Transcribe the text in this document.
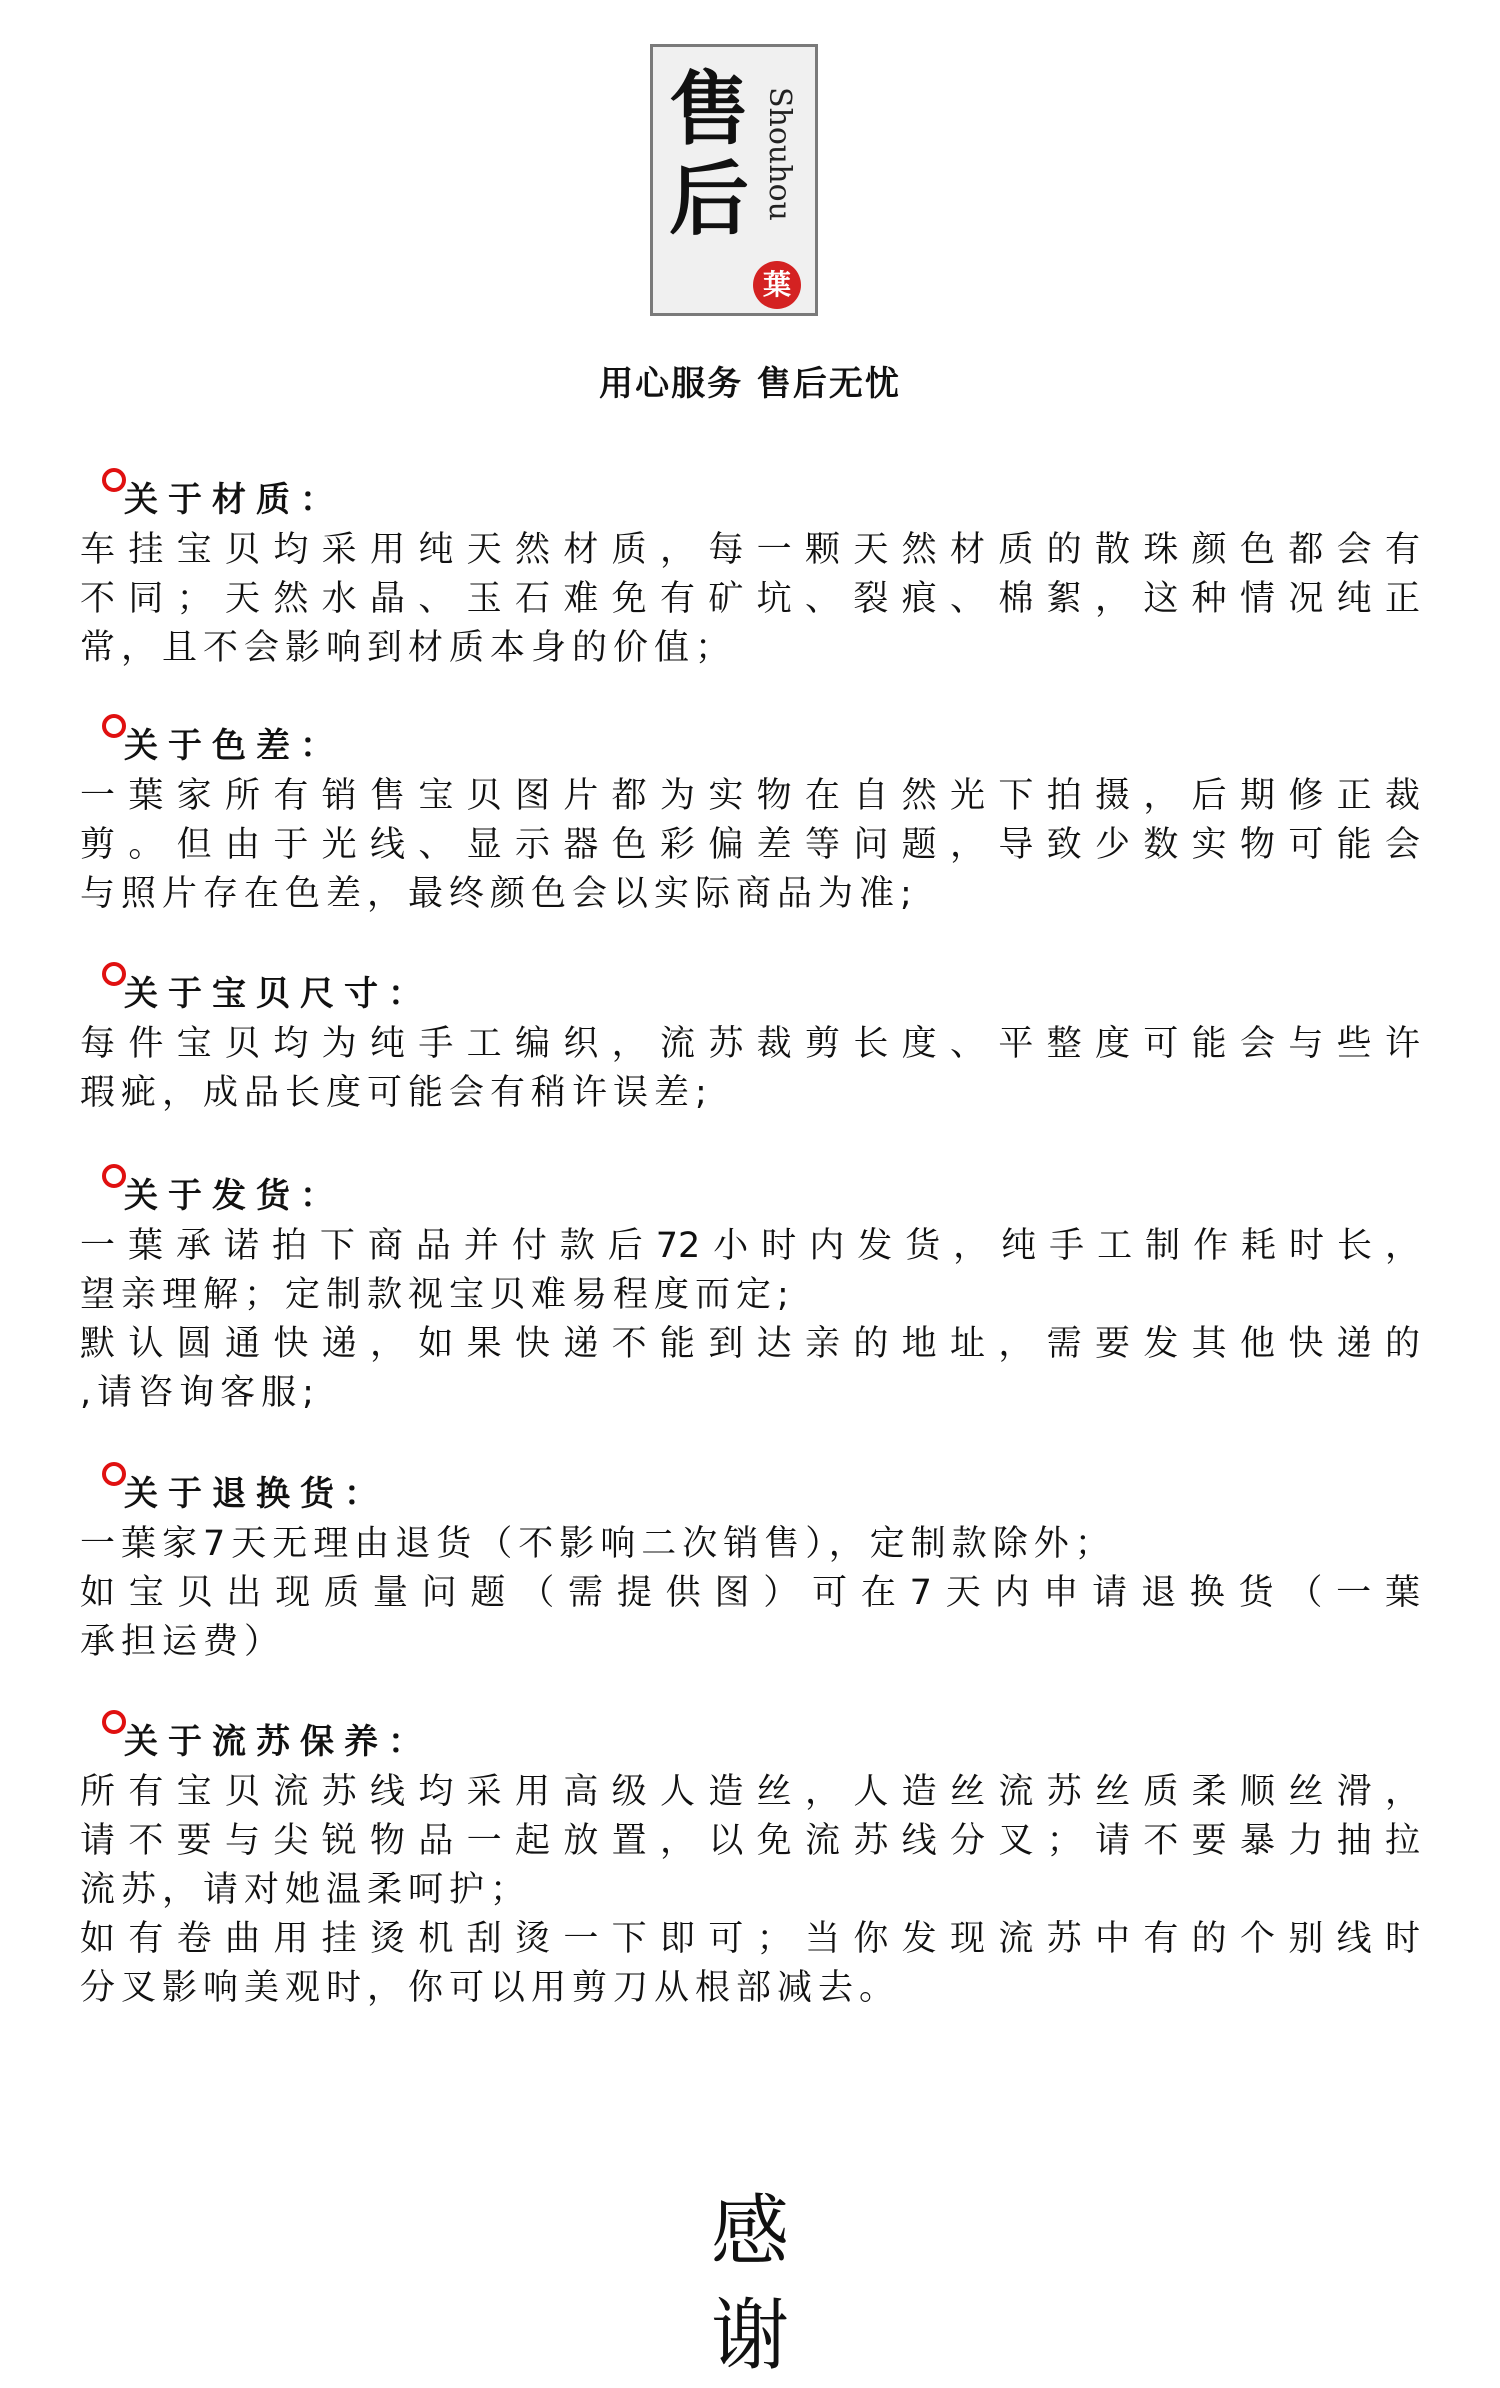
售
后 Shouhou
葉
用心服务 售后无忧
关于材质：
车挂宝贝均采用纯天然材质，每一颗天然材质的散珠颜色都会有
不同；天然水晶、玉石难免有矿坑、裂痕、棉絮，这种情况纯正
常，且不会影响到材质本身的价值；
关于色差：
一葉家所有销售宝贝图片都为实物在自然光下拍摄，后期修正裁
剪。但由于光线、显示器色彩偏差等问题，导致少数实物可能会
与照片存在色差，最终颜色会以实际商品为准;
关于宝贝尺寸：
每件宝贝均为纯手工编织，流苏裁剪长度、平整度可能会与些许
瑕疵，成品长度可能会有稍许误差;
关于发货：
一葉承诺拍下商品并付款后72小时内发货，纯手工制作耗时长，
望亲理解；定制款视宝贝难易程度而定;
默认圆通快递，如果快递不能到达亲的地址，需要发其他快递的
,请咨询客服;
关于退换货：
一葉家7天无理由退货（不影响二次销售），定制款除外；
如宝贝出现质量问题（需提供图）可在7天内申请退换货（一葉
承担运费）
关于流苏保养：
所有宝贝流苏线均采用高级人造丝，人造丝流苏丝质柔顺丝滑，
请不要与尖锐物品一起放置，以免流苏线分叉；请不要暴力抽拉
流苏，请对她温柔呵护；
如有卷曲用挂烫机刮烫一下即可；当你发现流苏中有的个别线时
分叉影响美观时，你可以用剪刀从根部减去。
感
谢
